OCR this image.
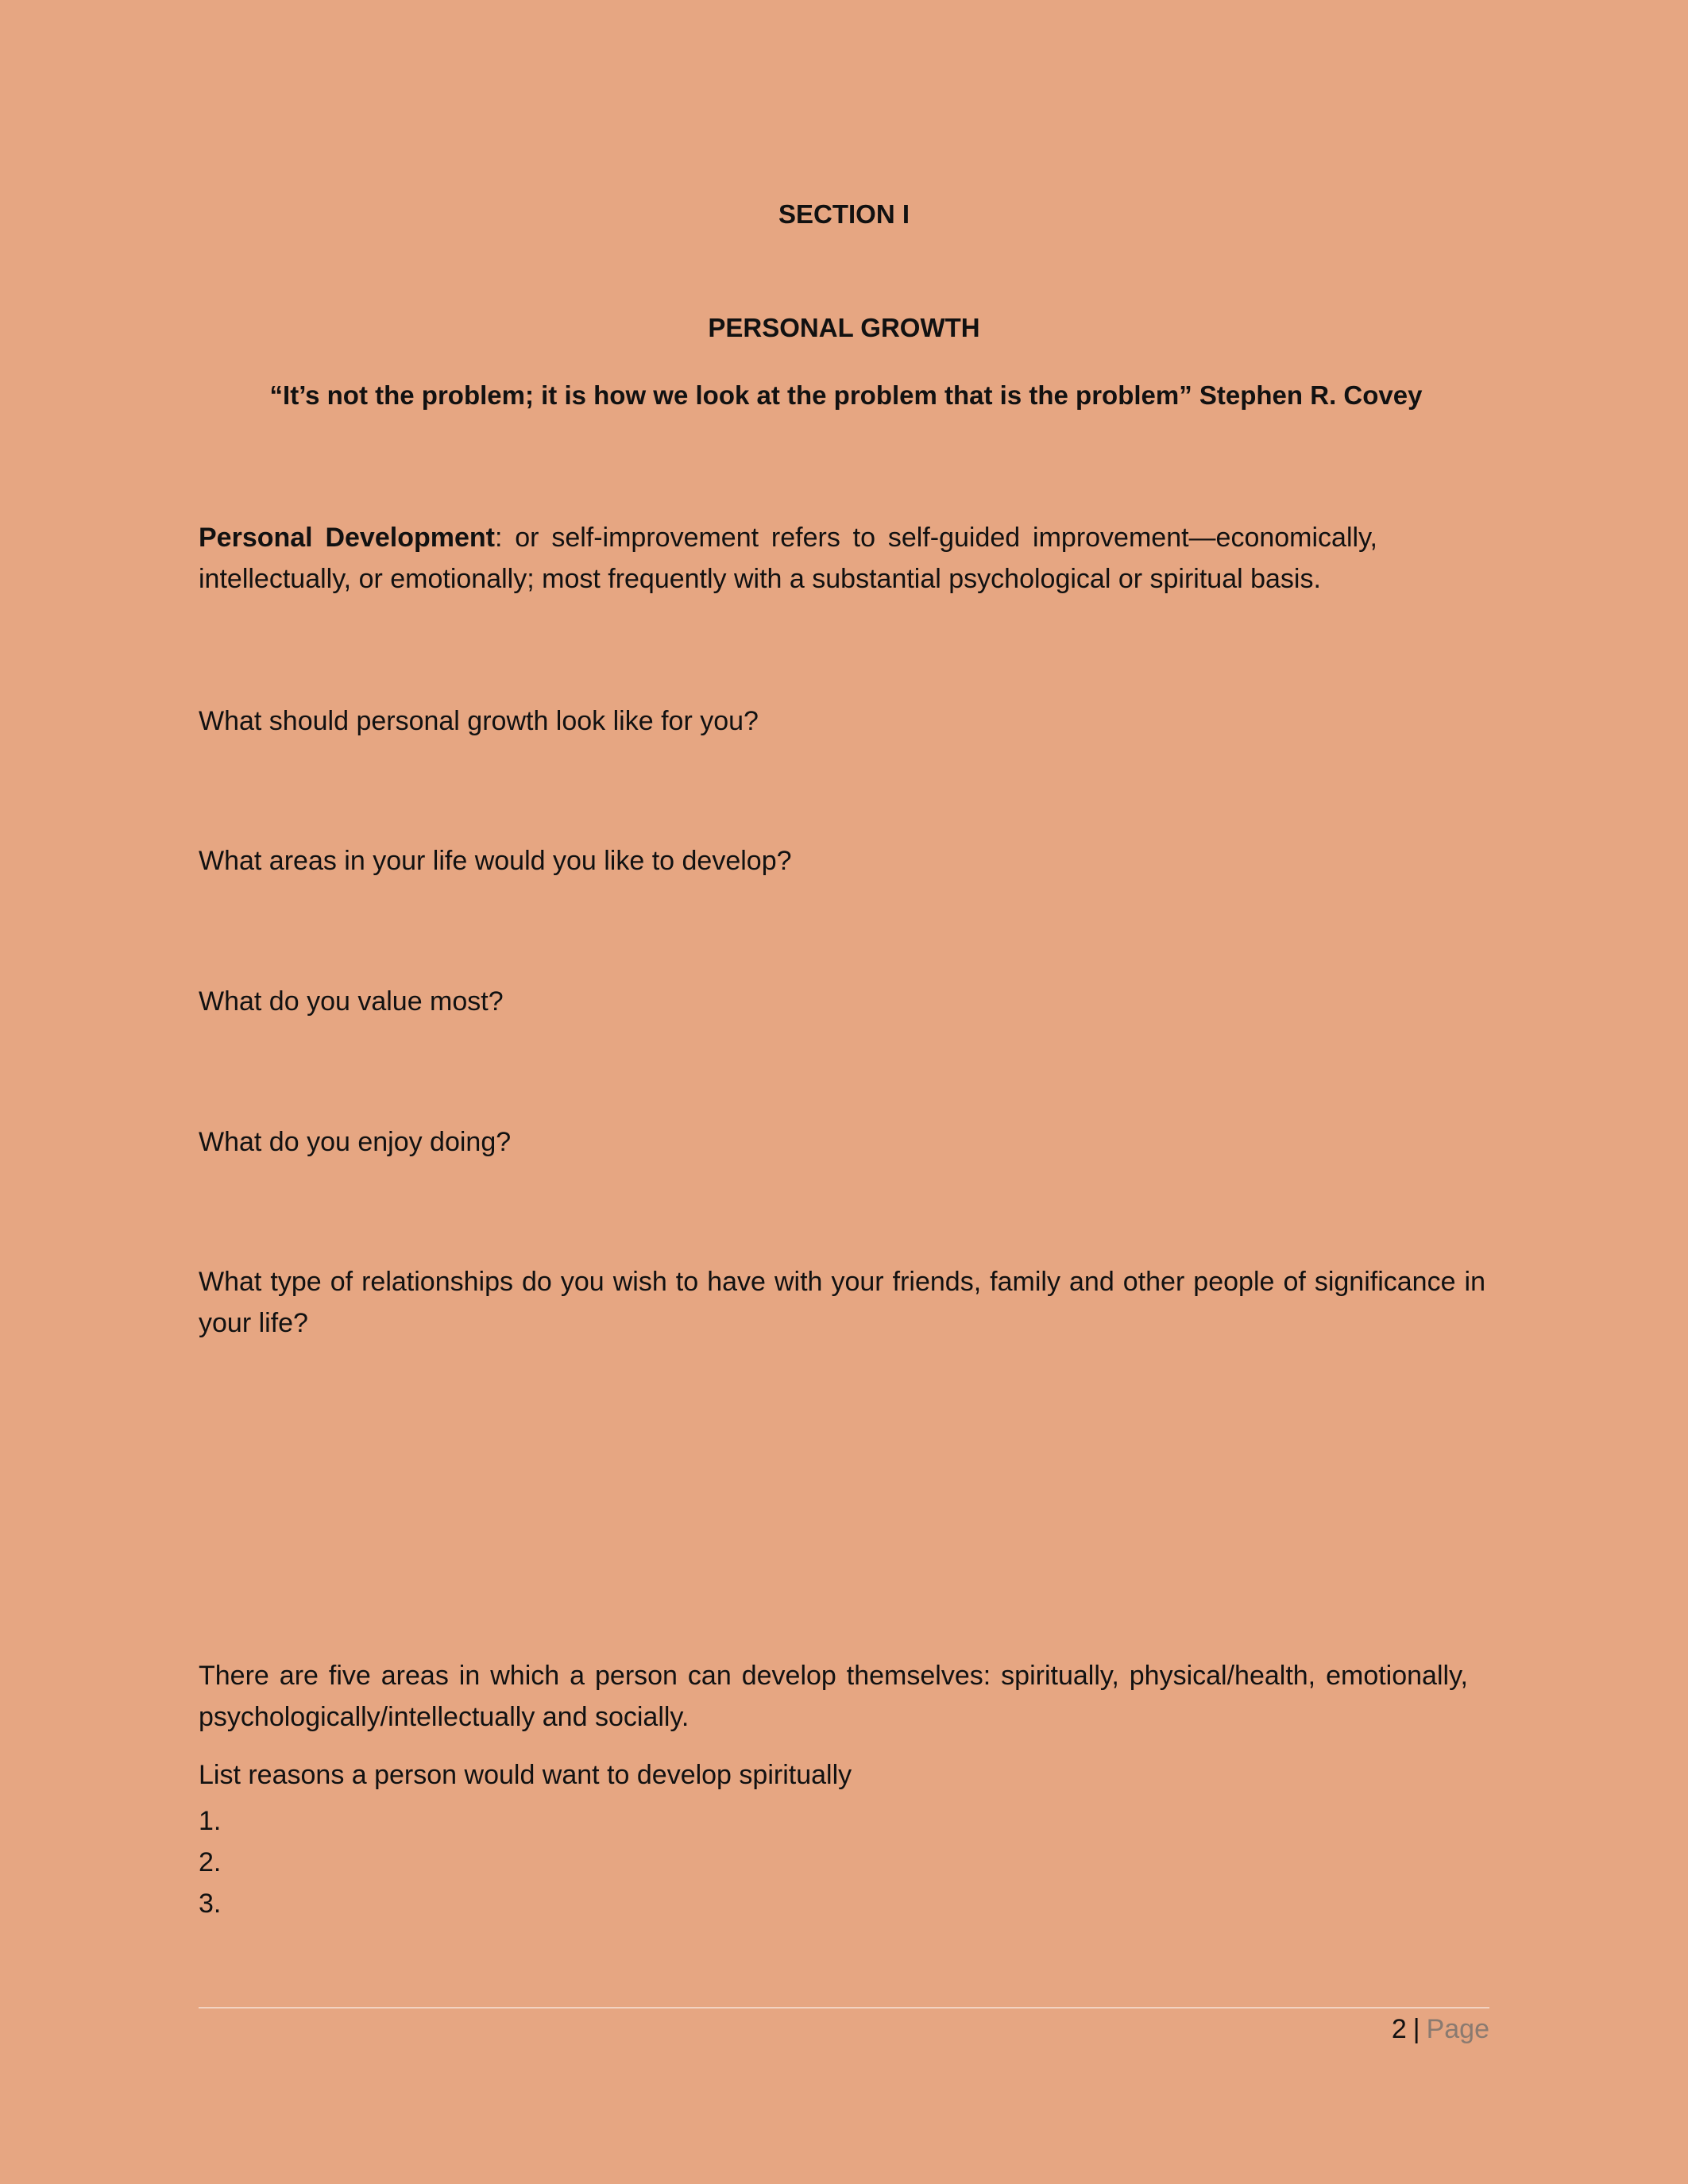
SECTION I
PERSONAL GROWTH
“It’s not the problem; it is how we look at the problem that is the problem” Stephen R. Covey

Personal Development: or self-improvement refers to self-guided improvement—economically, intellectually, or emotionally; most frequently with a substantial psychological or spiritual basis.

What should personal growth look like for you?

What areas in your life would you like to develop?

What do you value most?

What do you enjoy doing?

What type of relationships do you wish to have with your friends, family and other people of significance in your life?

There are five areas in which a person can develop themselves: spiritually, physical/health, emotionally, psychologically/intellectually and socially.

List reasons a person would want to develop spiritually

1.
2.
3.
2 | Page
